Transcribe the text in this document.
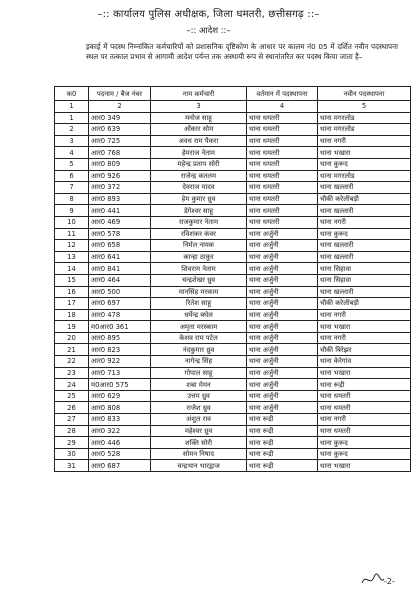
–:: कार्यालय पुलिस अधीक्षक, जिला धमतरी, छत्तीसगढ़ ::–
–:: आदेश ::–
इकाई में पदस्थ निम्नांकित कर्मचारियों को प्रशासनिक दृष्टिकोण के आधार पर कालम नं0 05 में दर्शित नवीन पदस्थापना स्थल पर तत्काल प्रभाव से आगामी आदेश पर्यन्त तक अस्थायी रूप से स्थानांतरित कर पदस्थ किया जाता है–
क0	पदनाम / बैज नंबर	नाम कर्मचारी	वर्तमान में पदस्थापना	नवीन पदस्थापना
1	2	3	4	5
1	आर0 349	मनोज साहू	थाना धमतरी	थाना मगरलोड
2	आर0 639	ओंकार सोम	थाना धमतरी	थाना मगरलोड
3	आर0 725	अवध राम पैकरा	थाना धमतरी	थाना नगरी
4	आर0 768	हेमराज नेताम	थाना धमतरी	थाना भखारा
5	आर0 809	महेन्द्र प्रताप सोरी	थाना धमतरी	थाना कुरूद
6	आर0 926	राजेन्द्र कतलम	थाना धमतरी	थाना मगरलोड
7	आर0 372	देवराज यादव	थाना धमतरी	थाना खल्लारी
8	आर0 893	हेम कुमार ध्रुव	थाना धमतरी	चौकी करेलीबड़ी
9	आर0 441	डेगेश्वर साहू	थाना धमतरी	थाना खल्लारी
10	आर0 469	राजकुमार नेताम	थाना धमतरी	थाना नगरी
11	आर0 578	रविशंकर कंवर	थाना अर्जुनी	थाना कुरूद
12	आर0 658	निर्मल नायक	थाना अर्जुनी	थाना खल्लारी
13	आर0 641	कान्हा ठाकुर	थाना अर्जुनी	थाना खल्लारी
14	आर0 841	शिवराम नेताम	थाना अर्जुनी	थाना सिहावा
15	आर0 464	चन्द्रशेखर ध्रुव	थाना अर्जुनी	थाना सिहावा
16	आर0 500	मानसिंह मरकाम	थाना अर्जुनी	थाना खल्लारी
17	आर0 697	रितेश साहू	थाना अर्जुनी	चौकी करेलीबड़ी
18	आर0 478	धर्मेन्द्र बघेल	थाना अर्जुनी	थाना नगरी
19	म0आर0 361	अमृता मरस्काम	थाना अर्जुनी	थाना भखारा
20	आर0 895	केशव राम पटेल	थाना अर्जुनी	थाना नगरी
21	आर0 823	नंदकुमार ध्रुव	थाना अर्जुनी	चौकी बिरेझर
22	आर0 922	नागेन्द्र सिंह	थाना अर्जुनी	थाना केरेगांव
23	आर0 713	गोपाल साहू	थाना अर्जुनी	थाना भखारा
24	म0आर0 575	शबा मेमन	थाना अर्जुनी	थाना रूद्री
25	आर0 629	उत्तम ध्रुव	थाना अर्जुनी	थाना धमतरी
26	आर0 808	राजेश ध्रुव	थाना अर्जुनी	थाना धमतरी
27	आर0 833	अंशुल राव	थाना रूद्री	थाना नगरी
28	आर0 322	महेश्वर ध्रुव	थाना रूद्री	थाना धमतरी
29	आर0 446	शक्ति सोरी	थाना रूद्री	थाना कुरूद
30	आर0 528	सोमन निषाद	थाना रूद्री	थाना कुरूद
31	आर0 687	चन्द्रभान भारद्वाज	थाना रूद्री	थाना भखारा
-2-
